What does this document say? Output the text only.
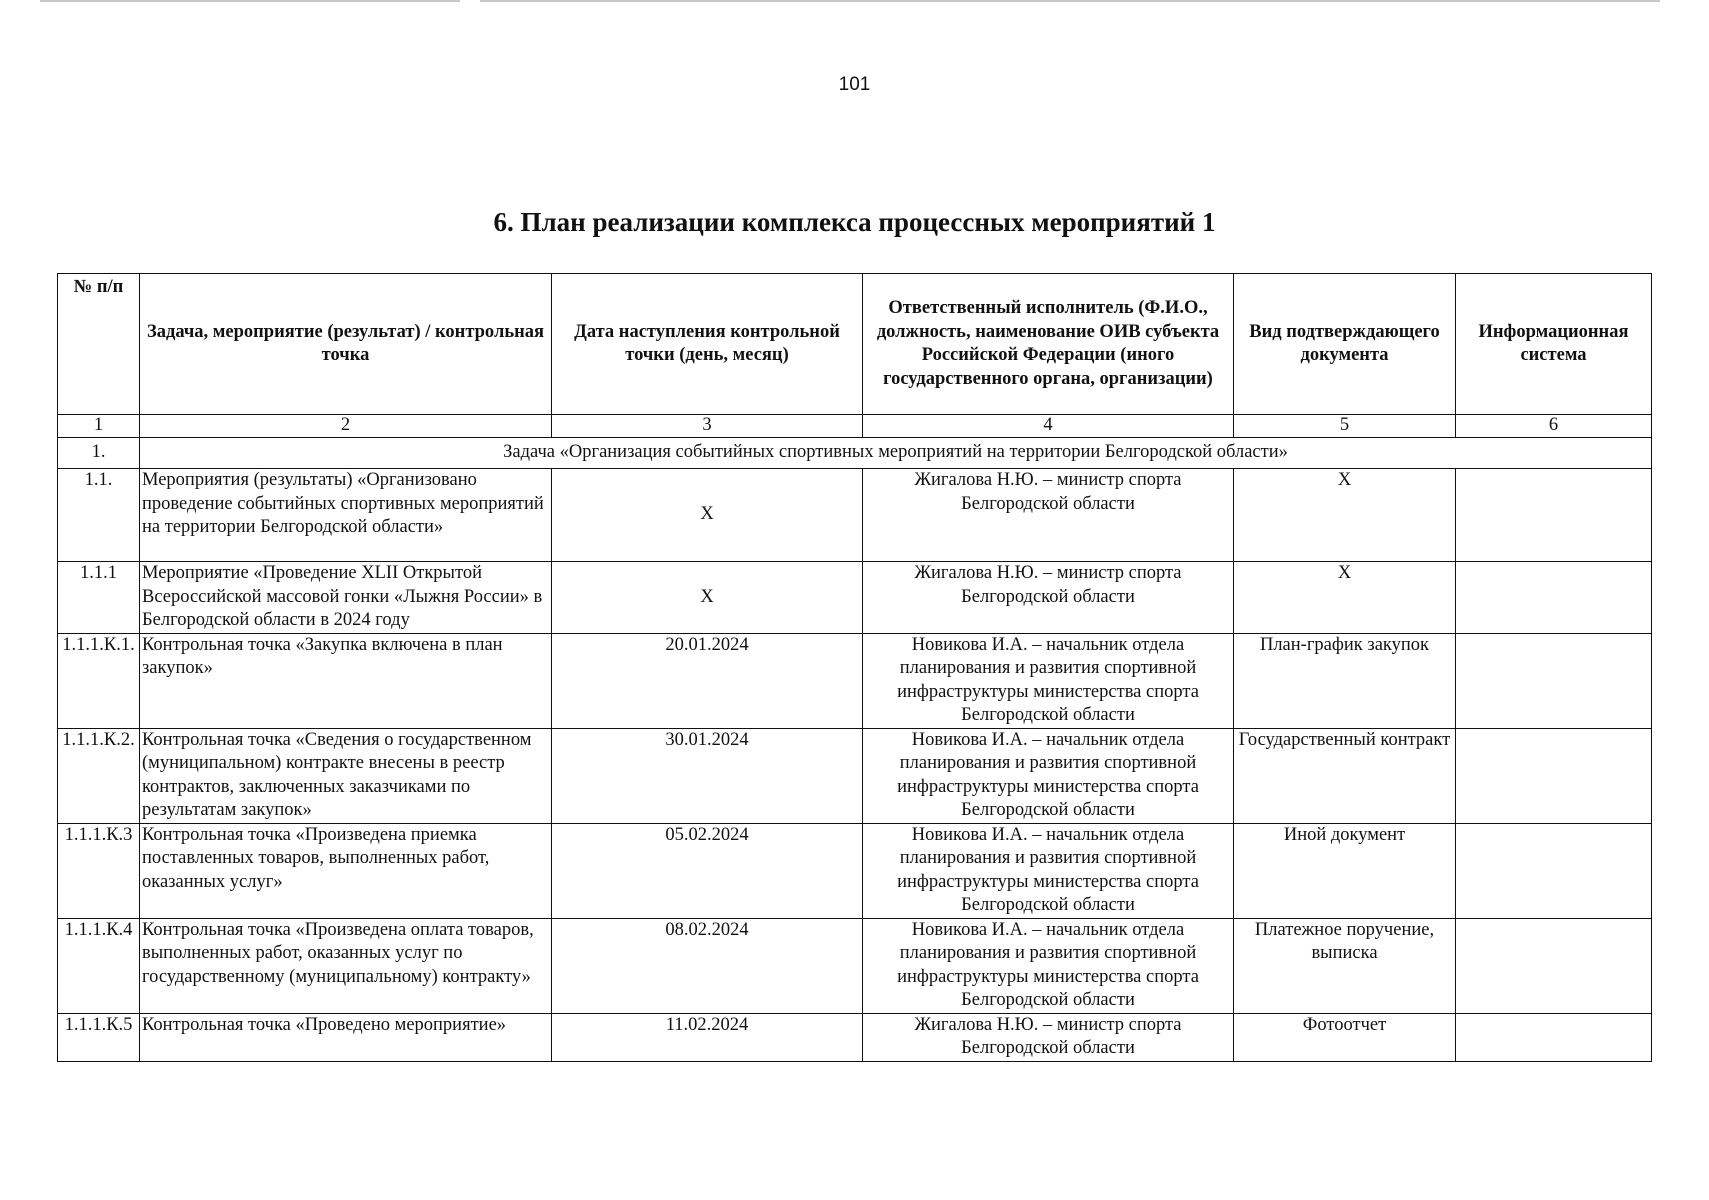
101
6. План реализации комплекса процессных мероприятий 1
№ п/п	Задача, мероприятие (результат) / контрольная точка	Дата наступления контрольной точки (день, месяц)	Ответственный исполнитель (Ф.И.О., должность, наименование ОИВ субъекта Российской Федерации (иного государственного органа, организации)	Вид подтверждающего документа	Информационная система
1	2	3	4	5	6
1.	Задача «Организация событийных спортивных мероприятий на территории Белгородской области»				
1.1.	Мероприятия (результаты) «Организовано проведение событийных спортивных мероприятий на территории Белгородской области»	X	Жигалова Н.Ю. – министр спорта Белгородской области	X	
1.1.1	Мероприятие «Проведение XLII Открытой Всероссийской массовой гонки «Лыжня России» в Белгородской области в 2024 году	X	Жигалова Н.Ю. – министр спорта Белгородской области	X	
1.1.1.К.1.	Контрольная точка «Закупка включена в план закупок»	20.01.2024	Новикова И.А. – начальник отдела планирования и развития спортивной инфраструктуры министерства спорта Белгородской области	План-график закупок	
1.1.1.К.2.	Контрольная точка «Сведения о государственном (муниципальном) контракте внесены в реестр контрактов, заключенных заказчиками по результатам закупок»	30.01.2024	Новикова И.А. – начальник отдела планирования и развития спортивной инфраструктуры министерства спорта Белгородской области	Государственный контракт	
1.1.1.К.3	Контрольная точка «Произведена приемка поставленных товаров, выполненных работ, оказанных услуг»	05.02.2024	Новикова И.А. – начальник отдела планирования и развития спортивной инфраструктуры министерства спорта Белгородской области	Иной документ	
1.1.1.К.4	Контрольная точка «Произведена оплата товаров, выполненных работ, оказанных услуг по государственному (муниципальному) контракту»	08.02.2024	Новикова И.А. – начальник отдела планирования и развития спортивной инфраструктуры министерства спорта Белгородской области	Платежное поручение, выписка	
1.1.1.К.5	Контрольная точка «Проведено мероприятие»	11.02.2024	Жигалова Н.Ю. – министр спорта Белгородской области	Фотоотчет	
